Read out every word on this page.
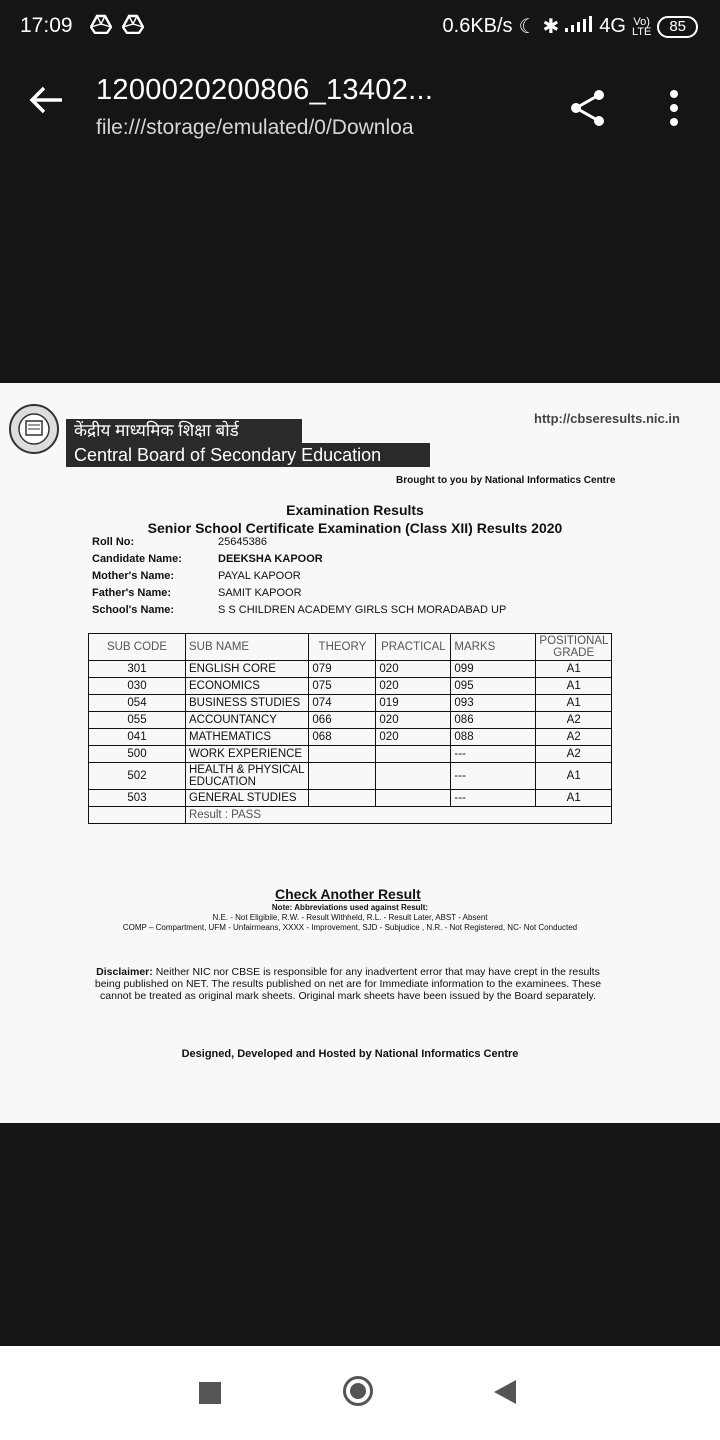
17:09	0.6KB/s ☾ ✱ 4G Vo)
LTE	85
1200020200806_13402...
file:///storage/emulated/0/Downloa
केंद्रीय माध्यमिक शिक्षा बोर्ड
Central Board of Secondary Education
http://cbseresults.nic.in
Brought to you by National Informatics Centre
Examination Results
Senior School Certificate Examination (Class XII) Results 2020
Roll No:	25645386
Candidate Name:	DEEKSHA KAPOOR
Mother's Name:	PAYAL KAPOOR
Father's Name:	SAMIT KAPOOR
School's Name:	S S CHILDREN ACADEMY GIRLS SCH MORADABAD UP
SUB CODE	SUB NAME	THEORY	PRACTICAL	MARKS	POSITIONAL GRADE
301	ENGLISH CORE	079	020	099	A1
030	ECONOMICS	075	020	095	A1
054	BUSINESS STUDIES	074	019	093	A1
055	ACCOUNTANCY	066	020	086	A2
041	MATHEMATICS	068	020	088	A2
500	WORK EXPERIENCE			---	A2
502	HEALTH & PHYSICAL EDUCATION			---	A1
503	GENERAL STUDIES			---	A1
	Result : PASS				
Check Another Result
Note: Abbreviations used against Result:
N.E. - Not Eligibile, R.W. - Result Withheld, R.L. - Result Later, ABST - Absent
COMP – Compartment, UFM - Unfairmeans, XXXX - Improvement, SJD - Subjudice , N.R. - Not Registered, NC- Not Conducted
Disclaimer: Neither NIC nor CBSE is responsible for any inadvertent error that may have crept in the results being published on NET. The results published on net are for Immediate information to the examinees. These cannot be treated as original mark sheets. Original mark sheets have been issued by the Board separately.
Designed, Developed and Hosted by National Informatics Centre
